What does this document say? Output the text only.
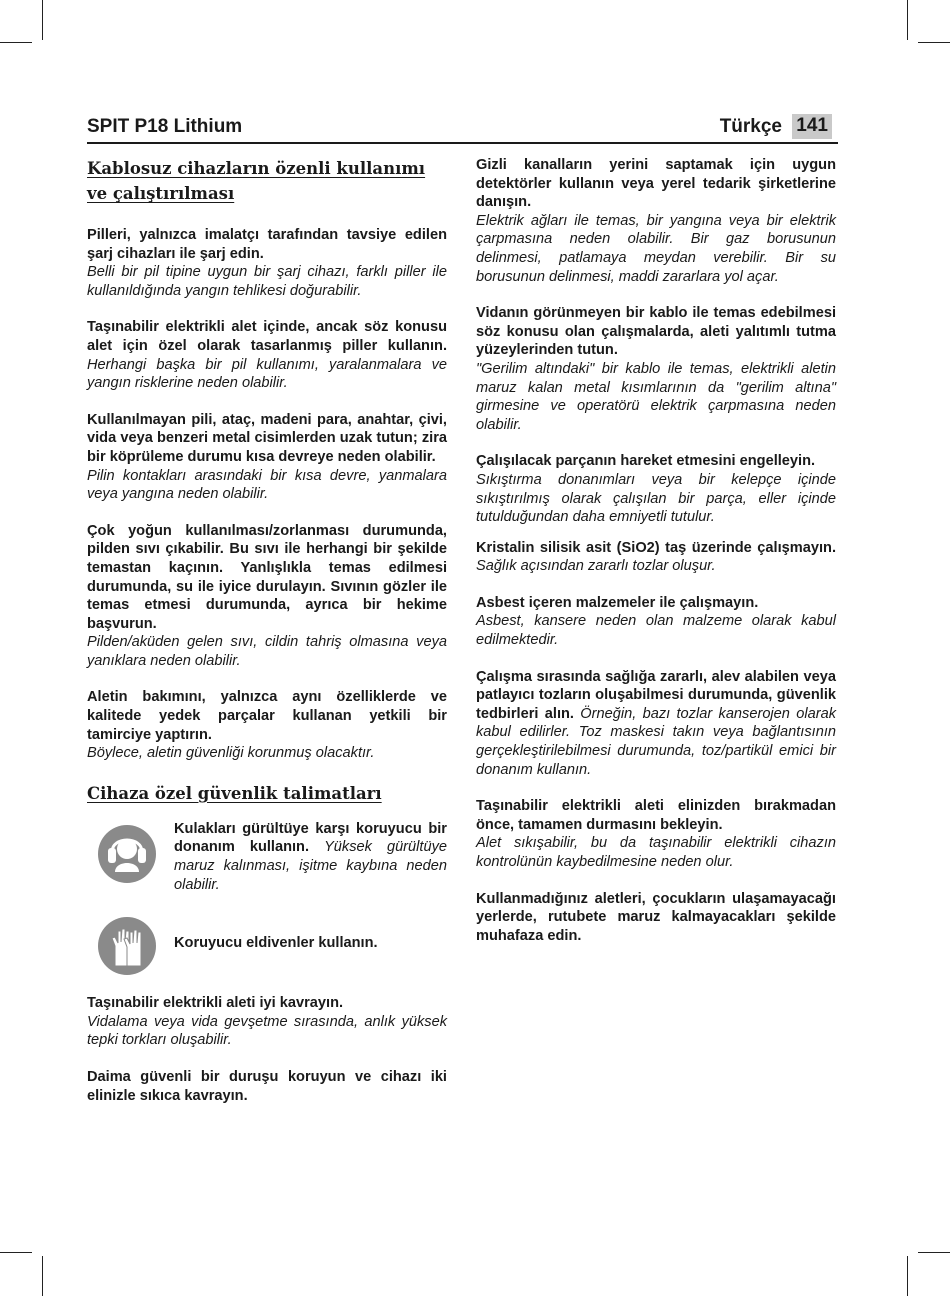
SPIT P18 Lithium	Türkçe 141
Kablosuz cihazların özenli kullanımı
ve çalıştırılması

Pilleri, yalnızca imalatçı tarafından tavsiye edilen şarj cihazları ile şarj edin.
Belli bir pil tipine uygun bir şarj cihazı, farklı piller ile kullanıldığında yangın tehlikesi doğurabilir.

Taşınabilir elektrikli alet içinde, ancak söz konusu alet için özel olarak tasarlanmış piller kullanın. Herhangi başka bir pil kullanımı, yaralanmalara ve yangın risklerine neden olabilir.

Kullanılmayan pili, ataç, madeni para, anahtar, çivi, vida veya benzeri metal cisimlerden uzak tutun; zira bir köprüleme durumu kısa devreye neden olabilir.
Pilin kontakları arasındaki bir kısa devre, yanmalara veya yangına neden olabilir.

Çok yoğun kullanılması/zorlanması durumunda, pilden sıvı çıkabilir. Bu sıvı ile herhangi bir şekilde temastan kaçının. Yanlışlıkla temas edilmesi durumunda, su ile iyice durulayın. Sıvının gözler ile temas etmesi durumunda, ayrıca bir hekime başvurun.
Pilden/aküden gelen sıvı, cildin tahriş olmasına veya yanıklara neden olabilir.

Aletin bakımını, yalnızca aynı özelliklerde ve kalitede yedek parçalar kullanan yetkili bir tamirciye yaptırın.
Böylece, aletin güvenliği korunmuş olacaktır.

Cihaza özel güvenlik talimatları

Kulakları gürültüye karşı koruyucu bir donanım kullanın. Yüksek gürültüye maruz kalınması, işitme kaybına neden olabilir.

Koruyucu eldivenler kullanın.

Taşınabilir elektrikli aleti iyi kavrayın.
Vidalama veya vida gevşetme sırasında, anlık yüksek tepki torkları oluşabilir.

Daima güvenli bir duruşu koruyun ve cihazı iki elinizle sıkıca kavrayın.

Gizli kanalların yerini saptamak için uygun detektörler kullanın veya yerel tedarik şirketlerine danışın.
Elektrik ağları ile temas, bir yangına veya bir elektrik çarpmasına neden olabilir. Bir gaz borusunun delinmesi, patlamaya meydan verebilir. Bir su borusunun delinmesi, maddi zararlara yol açar.

Vidanın görünmeyen bir kablo ile temas edebilmesi söz konusu olan çalışmalarda, aleti yalıtımlı tutma yüzeylerinden tutun.
"Gerilim altındaki" bir kablo ile temas, elektrikli aletin maruz kalan metal kısımlarının da "gerilim altına" girmesine ve operatörü elektrik çarpmasına neden olabilir.

Çalışılacak parçanın hareket etmesini engelleyin.
Sıkıştırma donanımları veya bir kelepçe içinde sıkıştırılmış olarak çalışılan bir parça, eller içinde tutulduğundan daha emniyetli tutulur.

Kristalin silisik asit (SiO2) taş üzerinde çalışmayın. Sağlık açısından zararlı tozlar oluşur.

Asbest içeren malzemeler ile çalışmayın.
Asbest, kansere neden olan malzeme olarak kabul edilmektedir.

Çalışma sırasında sağlığa zararlı, alev alabilen veya patlayıcı tozların oluşabilmesi durumunda, güvenlik tedbirleri alın. Örneğin, bazı tozlar kanserojen olarak kabul edilirler. Toz maskesi takın veya bağlantısının gerçekleştirilebilmesi durumunda, toz/partikül emici bir donanım kullanın.

Taşınabilir elektrikli aleti elinizden bırakmadan önce, tamamen durmasını bekleyin.
Alet sıkışabilir, bu da taşınabilir elektrikli cihazın kontrolünün kaybedilmesine neden olur.

Kullanmadığınız aletleri, çocukların ulaşamayacağı yerlerde, rutubete maruz kalmayacakları şekilde muhafaza edin.
